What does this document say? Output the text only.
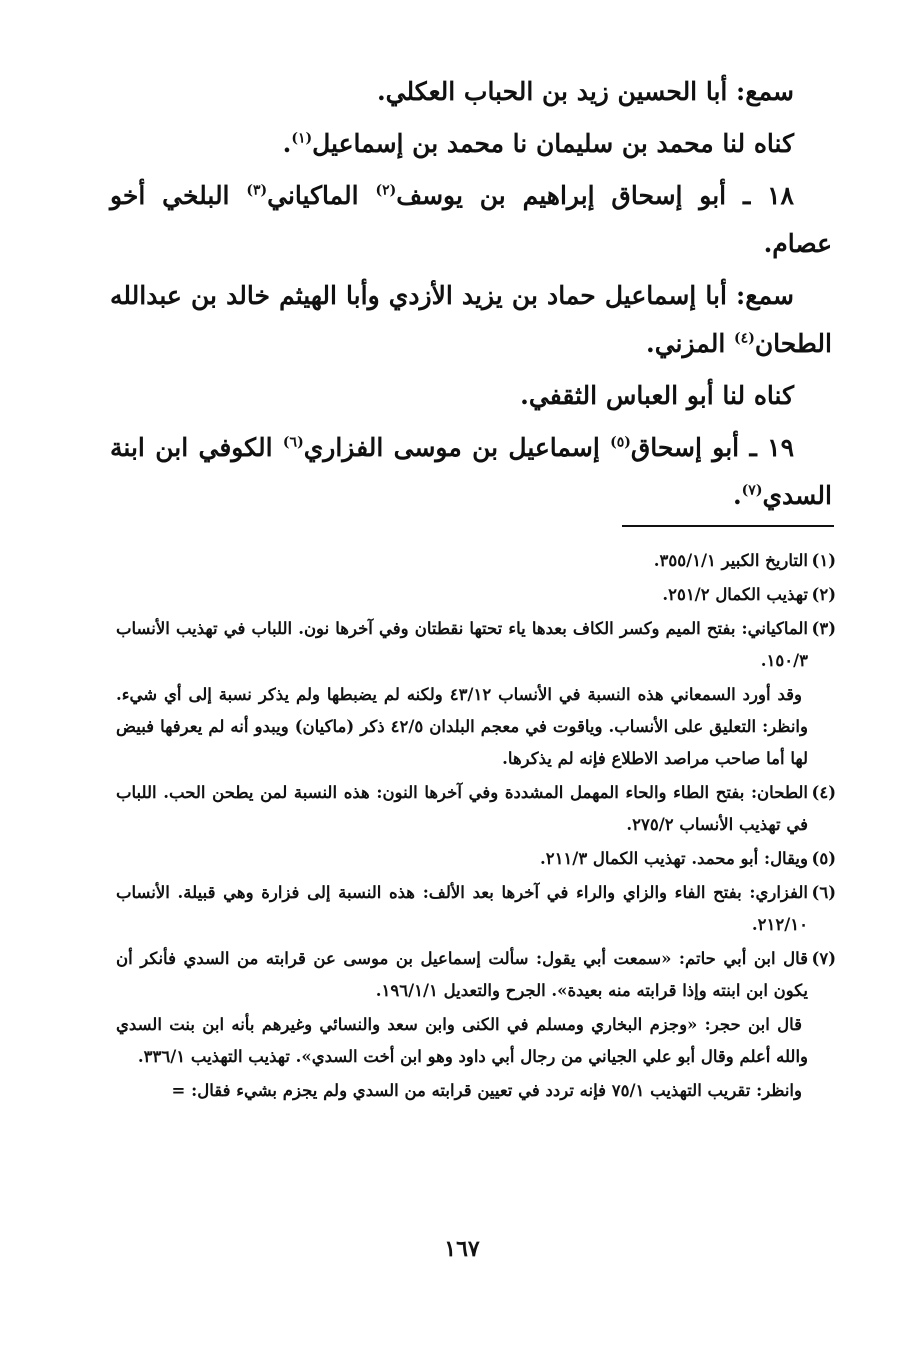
سمع: أبا الحسين زيد بن الحباب العكلي.

كناه لنا محمد بن سليمان نا محمد بن إسماعيل$^{(١)}$.

١٨ ـ أبو إسحاق إبراهيم بن يوسف$^{(٢)}$ الماكياني$^{(٣)}$ البلخي أخو عصام.

سمع: أبا إسماعيل حماد بن يزيد الأزدي وأبا الهيثم خالد بن عبدالله الطحان$^{(٤)}$ المزني.

كناه لنا أبو العباس الثقفي.

١٩ ـ أبو إسحاق$^{(٥)}$ إسماعيل بن موسى الفزاري$^{(٦)}$ الكوفي ابن ابنة السدي$^{(٧)}$.

(١)
التاريخ الكبير ٣٥٥/١/١.

(٢)
تهذيب الكمال ٢٥١/٢.

(٣)
الماكياني: بفتح الميم وكسر الكاف بعدها ياء تحتها نقطتان وفي آخرها نون. اللباب في تهذيب الأنساب ١٥٠/٣.

وقد أورد السمعاني هذه النسبة في الأنساب ٤٣/١٢ ولكنه لم يضبطها ولم يذكر نسبة إلى أي شيء. وانظر: التعليق على الأنساب. وياقوت في معجم البلدان ٤٢/٥ ذكر (ماكيان) ويبدو أنه لم يعرفها فبيض لها أما صاحب مراصد الاطلاع فإنه لم يذكرها.

(٤)
الطحان: بفتح الطاء والحاء المهمل المشددة وفي آخرها النون: هذه النسبة لمن يطحن الحب. اللباب في تهذيب الأنساب ٢٧٥/٢.

(٥)
ويقال: أبو محمد. تهذيب الكمال ٢١١/٣.

(٦)
الفزاري: بفتح الفاء والزاي والراء في آخرها بعد الألف: هذه النسبة إلى فزارة وهي قبيلة. الأنساب ٢١٢/١٠.

(٧)
قال ابن أبي حاتم: «سمعت أبي يقول: سألت إسماعيل بن موسى عن قرابته من السدي فأنكر أن يكون ابن ابنته وإذا قرابته منه بعيدة». الجرح والتعديل ١٩٦/١/١.

قال ابن حجر: «وجزم البخاري ومسلم في الكنى وابن سعد والنسائي وغيرهم بأنه ابن بنت السدي والله أعلم وقال أبو علي الجياني من رجال أبي داود وهو ابن أخت السدي». تهذيب التهذيب ٣٣٦/١.

وانظر: تقريب التهذيب ٧٥/١ فإنه تردد في تعيين قرابته من السدي ولم يجزم بشيء فقال: =

١٦٧
